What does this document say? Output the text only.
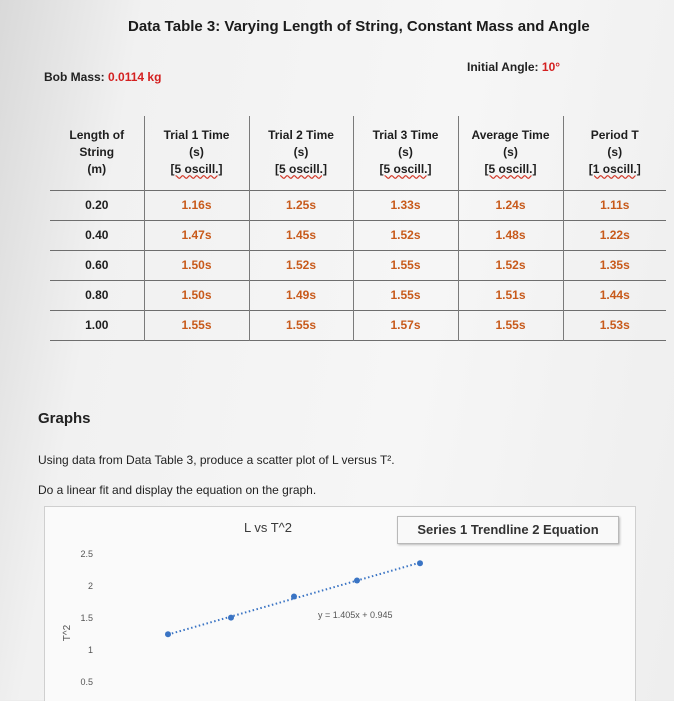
Data Table 3: Varying Length of String, Constant Mass and Angle
Bob Mass: 0.0114 kg
Initial Angle: 10°
Length of
String
(m)	Trial 1 Time
(s)
[5 oscill.]	Trial 2 Time
(s)
[5 oscill.]	Trial 3 Time
(s)
[5 oscill.]	Average Time
(s)
[5 oscill.]	Period T
(s)
[1 oscill.]
0.20	1.16s	1.25s	1.33s	1.24s	1.11s
0.40	1.47s	1.45s	1.52s	1.48s	1.22s
0.60	1.50s	1.52s	1.55s	1.52s	1.35s
0.80	1.50s	1.49s	1.55s	1.51s	1.44s
1.00	1.55s	1.55s	1.57s	1.55s	1.53s
Graphs
Using data from Data Table 3, produce a scatter plot of L versus T².
Do a linear fit and display the equation on the graph.
L vs T^2	Series 1 Trendline 2 Equation
2.5
2
1.5
1
0.5
T^2
y = 1.405x + 0.945
